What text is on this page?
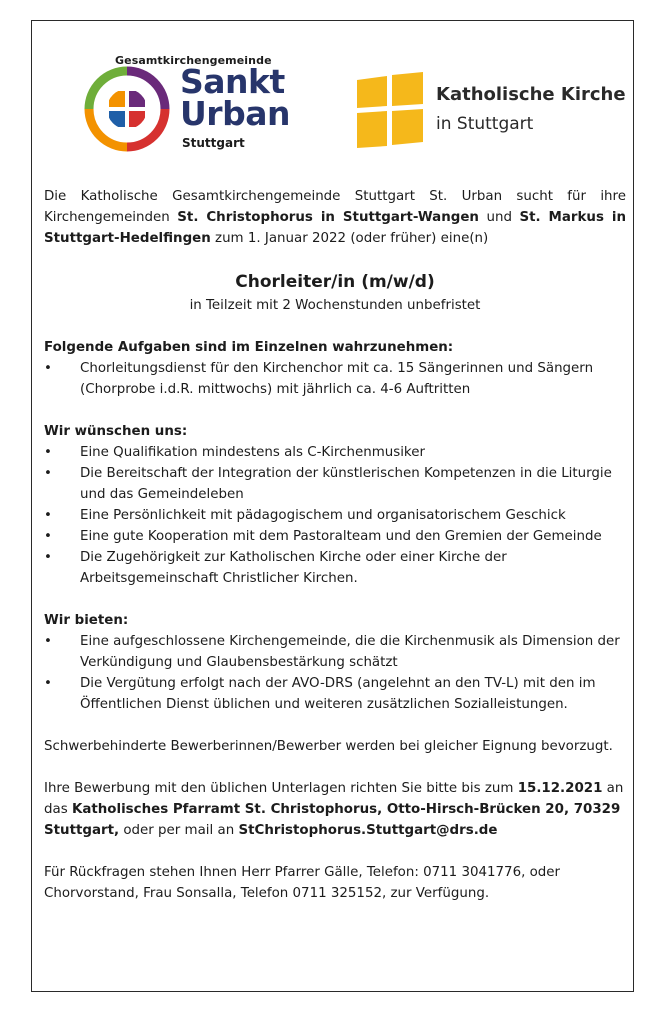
Gesamtkirchengemeinde
Sankt
Urban
Stuttgart
Katholische Kirche
in Stuttgart

Die Katholische Gesamtkirchengemeinde Stuttgart St. Urban sucht für ihre Kirchengemeinden St. Christophorus in Stuttgart-Wangen und St. Markus in Stuttgart-Hedelfingen zum 1. Januar 2022 (oder früher) eine(n)

Chorleiter/in (m/w/d)

in Teilzeit mit 2 Wochenstunden unbefristet

Folgende Aufgaben sind im Einzelnen wahrzunehmen:

• Chorleitungsdienst für den Kirchenchor mit ca. 15 Sängerinnen und Sängern (Chorprobe i.d.R. mittwochs) mit jährlich ca. 4-6 Auftritten

Wir wünschen uns:

• Eine Qualifikation mindestens als C-Kirchenmusiker
• Die Bereitschaft der Integration der künstlerischen Kompetenzen in die Liturgie und das Gemeindeleben
• Eine Persönlichkeit mit pädagogischem und organisatorischem Geschick
• Eine gute Kooperation mit dem Pastoralteam und den Gremien der Gemeinde
• Die Zugehörigkeit zur Katholischen Kirche oder einer Kirche der Arbeitsgemeinschaft Christlicher Kirchen.

Wir bieten:

• Eine aufgeschlossene Kirchengemeinde, die die Kirchenmusik als Dimension der Verkündigung und Glaubensbestärkung schätzt
• Die Vergütung erfolgt nach der AVO-DRS (angelehnt an den TV-L) mit den im Öffentlichen Dienst üblichen und weiteren zusätzlichen Sozialleistungen.

Schwerbehinderte Bewerberinnen/Bewerber werden bei gleicher Eignung bevorzugt.

Ihre Bewerbung mit den üblichen Unterlagen richten Sie bitte bis zum 15.12.2021 an das Katholisches Pfarramt St. Christophorus, Otto-Hirsch-Brücken 20, 70329 Stuttgart, oder per mail an StChristophorus.Stuttgart@drs.de

Für Rückfragen stehen Ihnen Herr Pfarrer Gälle, Telefon: 0711 3041776, oder Chorvorstand, Frau Sonsalla, Telefon 0711 325152, zur Verfügung.
